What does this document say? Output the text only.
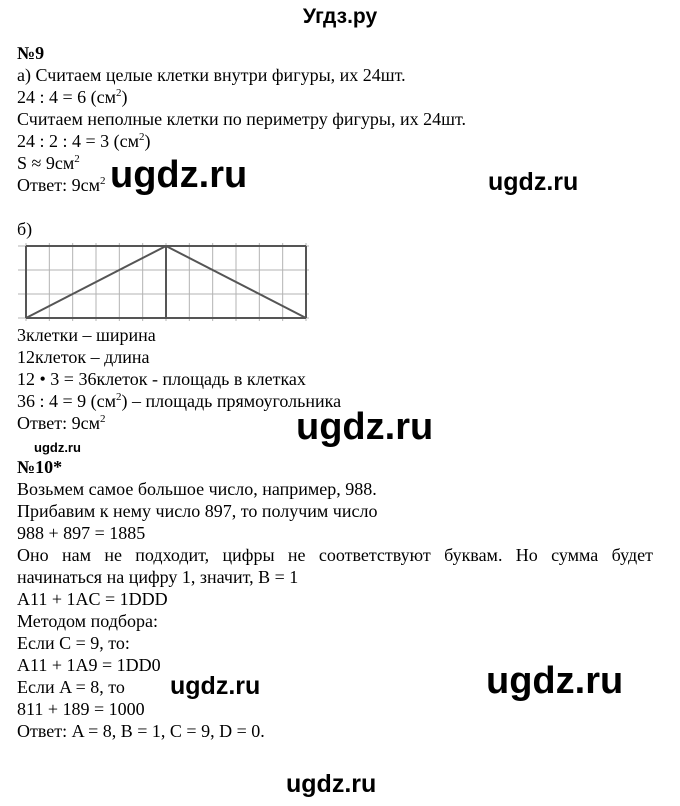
Угдз.ру
№9
а) Считаем целые клетки внутри фигуры, их 24шт.
24 : 4 = 6 $(см^2)$
Считаем неполные клетки по периметру фигуры, их 24шт.
24 : 2 : 4 = 3 $(см^2)$
$S \approx 9см^2$
Ответ: $9см^2$
б)
3клетки – ширина
12клеток – длина
12 • 3 = 36клеток - площадь в клетках
36 : 4 = 9 $(см^2)$ – площадь прямоугольника
Ответ: $9см^2$
№10*
Возьмем самое большое число, например, 988.
Прибавим к нему число 897, то получим число
988 + 897 = 1885
Оно нам не подходит, цифры не соответствуют буквам. Но сумма будет
начинаться на цифру 1, значит, B = 1
A11 + 1AC = 1DDD
Методом подбора:
Если C = 9, то:
A11 + 1A9 = 1DD0
Если A = 8, то
811 + 189 = 1000
Ответ: A = 8, B = 1, C = 9, D = 0.
ugdz.ru	ugdz.ru
ugdz.ru
ugdz.ru
ugdz.ru	ugdz.ru
ugdz.ru
